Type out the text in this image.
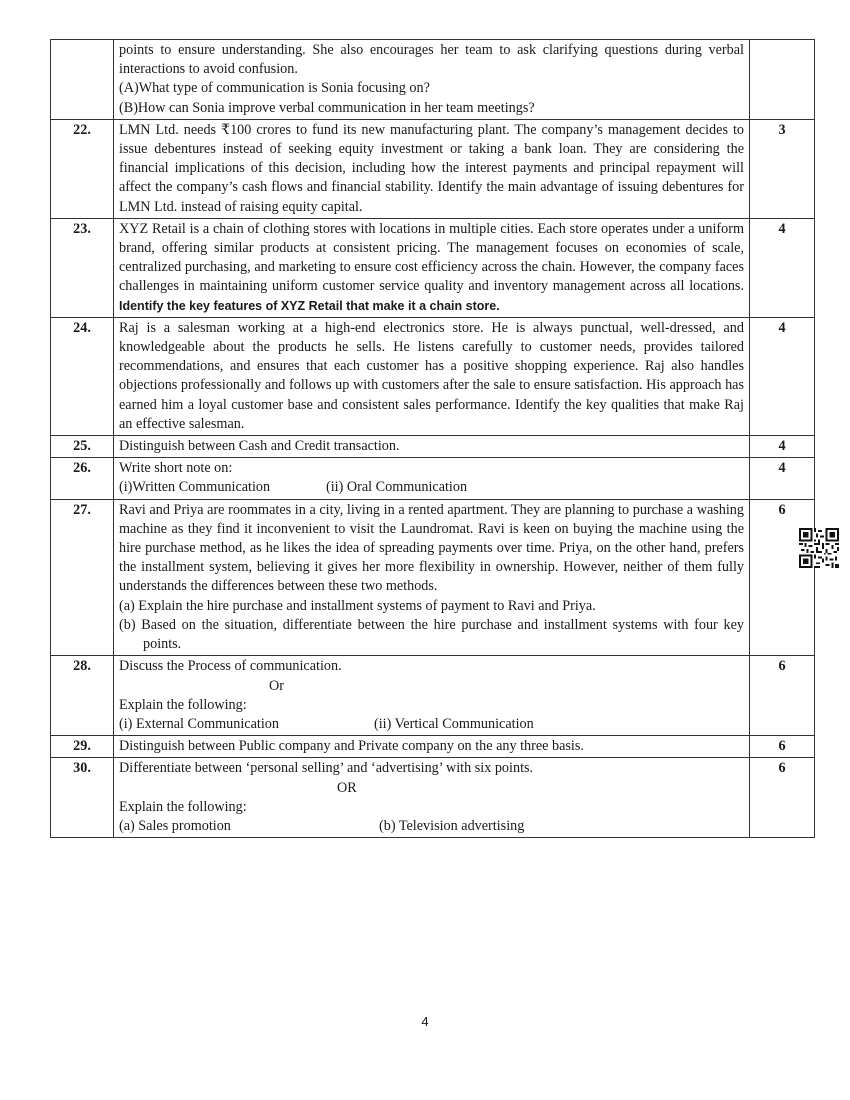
	points to ensure understanding. She also encourages her team to ask clarifying questions during verbal interactions to avoid confusion.
(A)What type of communication is Sonia focusing on?
(B)How can Sonia improve verbal communication in her team meetings?	

22.	LMN Ltd. needs ₹100 crores to fund its new manufacturing plant. The company’s management decides to issue debentures instead of seeking equity investment or taking a bank loan. They are considering the financial implications of this decision, including how the interest payments and principal repayment will affect the company’s cash flows and financial stability. Identify the main advantage of issuing debentures for LMN Ltd. instead of raising equity capital.	3
23.	XYZ Retail is a chain of clothing stores with locations in multiple cities. Each store operates under a uniform brand, offering similar products at consistent pricing. The management focuses on economies of scale, centralized purchasing, and marketing to ensure cost efficiency across the chain. However, the company faces challenges in maintaining uniform customer service quality and inventory management across all locations. Identify the key features of XYZ Retail that make it a chain store.	4
24.	Raj is a salesman working at a high-end electronics store. He is always punctual, well-dressed, and knowledgeable about the products he sells. He listens carefully to customer needs, provides tailored recommendations, and ensures that each customer has a positive shopping experience. Raj also handles objections professionally and follows up with customers after the sale to ensure satisfaction. His approach has earned him a loyal customer base and consistent sales performance. Identify the key qualities that make Raj an effective salesman.	4
25.	Distinguish between Cash and Credit transaction.	4
26.	Write short note on:
(i)Written Communication (ii) Oral Communication	4
27.	Ravi and Priya are roommates in a city, living in a rented apartment. They are planning to purchase a washing machine as they find it inconvenient to visit the Laundromat. Ravi is keen on buying the machine using the hire purchase method, as he likes the idea of spreading payments over time. Priya, on the other hand, prefers the installment system, believing it gives her more flexibility in ownership. However, neither of them fully understands the differences between these two methods.
(a) Explain the hire purchase and installment systems of payment to Ravi and Priya.
(b) Based on the situation, differentiate between the hire purchase and installment systems with four key points.	6
28.	Discuss the Process of communication.
Or
Explain the following:
(i) External Communication (ii) Vertical Communication	6
29.	Distinguish between Public company and Private company on the any three basis.	6
30.	Differentiate between ‘personal selling’ and ‘advertising’ with six points.
OR
Explain the following:
(a) Sales promotion (b) Television advertising	6
4
